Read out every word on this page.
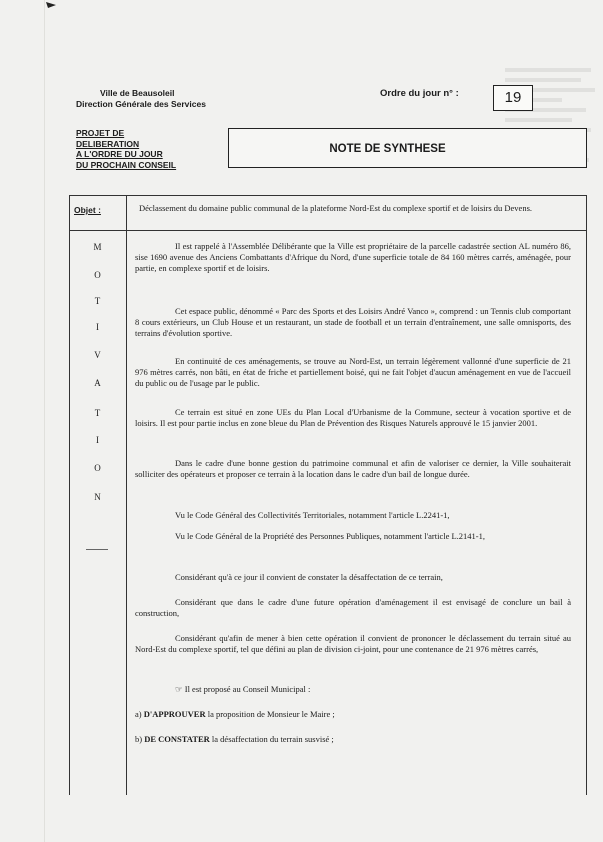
Ville de Beausoleil
Direction Générale des Services
Ordre du jour n° :	19
PROJET DE
DELIBERATION
A L'ORDRE DU JOUR
DU PROCHAIN CONSEIL
NOTE DE SYNTHESE
Objet :	Déclassement du domaine public communal de la plateforme Nord-Est du complexe sportif et de loisirs du Devens.
M
O
T
I
V
A
T
I
O
N
Il est rappelé à l'Assemblée Délibérante que la Ville est propriétaire de la parcelle cadastrée section AL numéro 86, sise 1690 avenue des Anciens Combattants d'Afrique du Nord, d'une superficie totale de 84 160 mètres carrés, aménagée, pour partie, en complexe sportif et de loisirs.
Cet espace public, dénommé « Parc des Sports et des Loisirs André Vanco », comprend : un Tennis club comportant 8 cours extérieurs, un Club House et un restaurant, un stade de football et un terrain d'entraînement, une salle omnisports, des terrains d'évolution sportive.
En continuité de ces aménagements, se trouve au Nord-Est, un terrain légèrement vallonné d'une superficie de 21 976 mètres carrés, non bâti, en état de friche et partiellement boisé, qui ne fait l'objet d'aucun aménagement en vue de l'accueil du public ou de l'usage par le public.
Ce terrain est situé en zone UEs du Plan Local d'Urbanisme de la Commune, secteur à vocation sportive et de loisirs. Il est pour partie inclus en zone bleue du Plan de Prévention des Risques Naturels approuvé le 15 janvier 2001.
Dans le cadre d'une bonne gestion du patrimoine communal et afin de valoriser ce dernier, la Ville souhaiterait solliciter des opérateurs et proposer ce terrain à la location dans le cadre d'un bail de longue durée.
Vu le Code Général des Collectivités Territoriales, notamment l'article L.2241-1,
Vu le Code Général de la Propriété des Personnes Publiques, notamment l'article L.2141-1,
Considérant qu'à ce jour il convient de constater la désaffectation de ce terrain,
Considérant que dans le cadre d'une future opération d'aménagement il est envisagé de conclure un bail à construction,
Considérant qu'afin de mener à bien cette opération il convient de prononcer le déclassement du terrain situé au Nord-Est du complexe sportif, tel que défini au plan de division ci-joint, pour une contenance de 21 976 mètres carrés,
☞ Il est proposé au Conseil Municipal :
a) D'APPROUVER la proposition de Monsieur le Maire ;
b) DE CONSTATER la désaffectation du terrain susvisé ;
